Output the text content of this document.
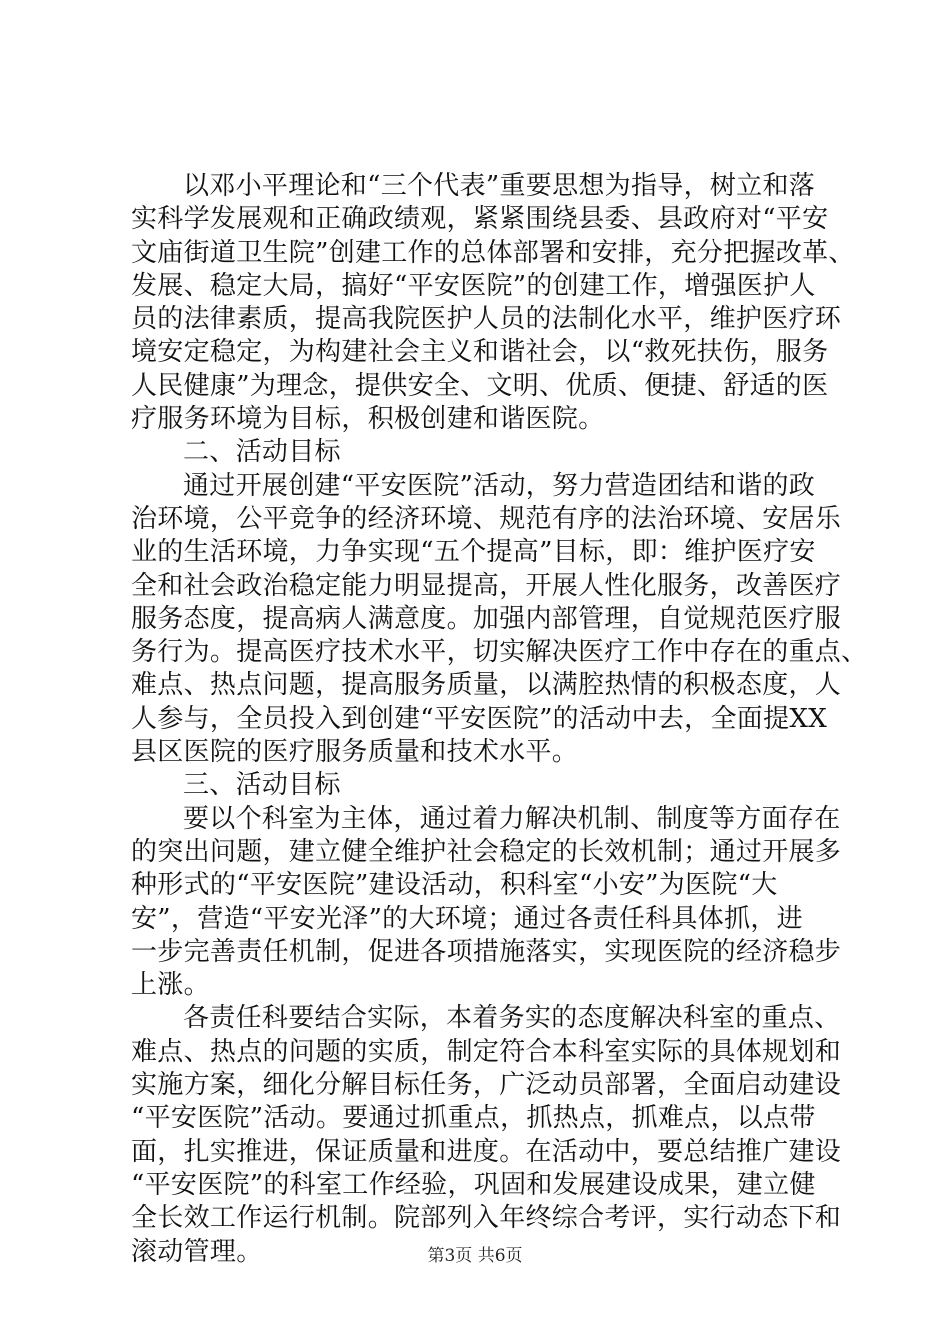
以邓小平理论和“三个代表”重要思想为指导，树立和落
实科学发展观和正确政绩观，紧紧围绕县委、县政府对“平安
文庙街道卫生院”创建工作的总体部署和安排，充分把握改革、
发展、稳定大局，搞好“平安医院”的创建工作，增强医护人
员的法律素质，提高我院医护人员的法制化水平，维护医疗环
境安定稳定，为构建社会主义和谐社会，以“救死扶伤，服务
人民健康”为理念，提供安全、文明、优质、便捷、舒适的医
疗服务环境为目标，积极创建和谐医院。
二、活动目标
通过开展创建“平安医院”活动，努力营造团结和谐的政
治环境，公平竞争的经济环境、规范有序的法治环境、安居乐
业的生活环境，力争实现“五个提高”目标，即：维护医疗安
全和社会政治稳定能力明显提高，开展人性化服务，改善医疗
服务态度，提高病人满意度。加强内部管理，自觉规范医疗服
务行为。提高医疗技术水平，切实解决医疗工作中存在的重点、
难点、热点问题，提高服务质量，以满腔热情的积极态度，人
人参与，全员投入到创建“平安医院”的活动中去，全面提XX
县区医院的医疗服务质量和技术水平。
三、活动目标
要以个科室为主体，通过着力解决机制、制度等方面存在
的突出问题，建立健全维护社会稳定的长效机制；通过开展多
种形式的“平安医院”建设活动，积科室“小安”为医院“大
安”，营造“平安光泽”的大环境；通过各责任科具体抓，进
一步完善责任机制，促进各项措施落实，实现医院的经济稳步
上涨。
各责任科要结合实际，本着务实的态度解决科室的重点、
难点、热点的问题的实质，制定符合本科室实际的具体规划和
实施方案，细化分解目标任务，广泛动员部署，全面启动建设
“平安医院”活动。要通过抓重点，抓热点，抓难点，以点带
面，扎实推进，保证质量和进度。在活动中，要总结推广建设
“平安医院”的科室工作经验，巩固和发展建设成果，建立健
全长效工作运行机制。院部列入年终综合考评，实行动态下和
滚动管理。	第3页 共6页
